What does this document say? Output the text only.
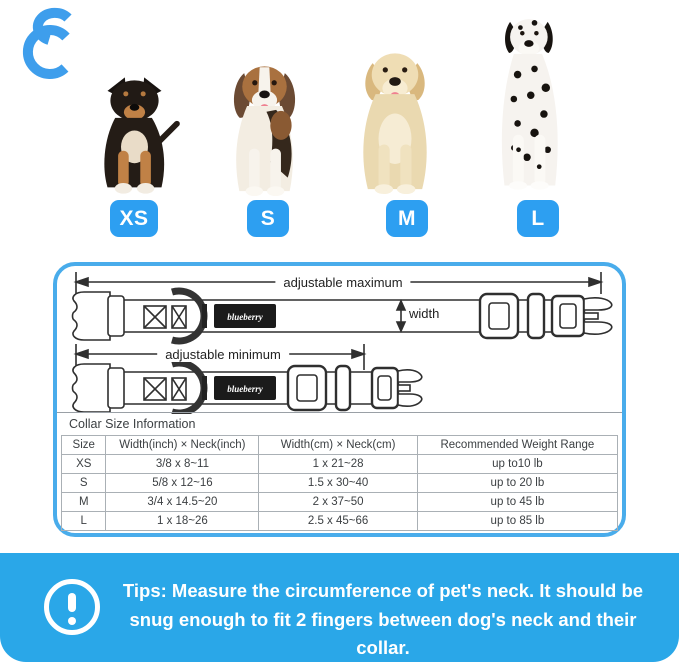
XS	S	M	L
blueberry
blueberry
adjustable maximum
width
adjustable minimum
Collar Size Information
Size	Width(inch) × Neck(inch)	Width(cm) × Neck(cm)	Recommended Weight Range
XS	3/8 x 8~11	1 x 21~28	up to10 lb
S	5/8 x 12~16	1.5 x 30~40	up to 20 lb
M	3/4 x 14.5~20	2 x 37~50	up to 45 lb
L	1 x 18~26	2.5 x 45~66	up to 85 lb
Tips: Measure the circumference of pet's neck. It should be snug enough to fit 2 fingers between dog's neck and their collar.
